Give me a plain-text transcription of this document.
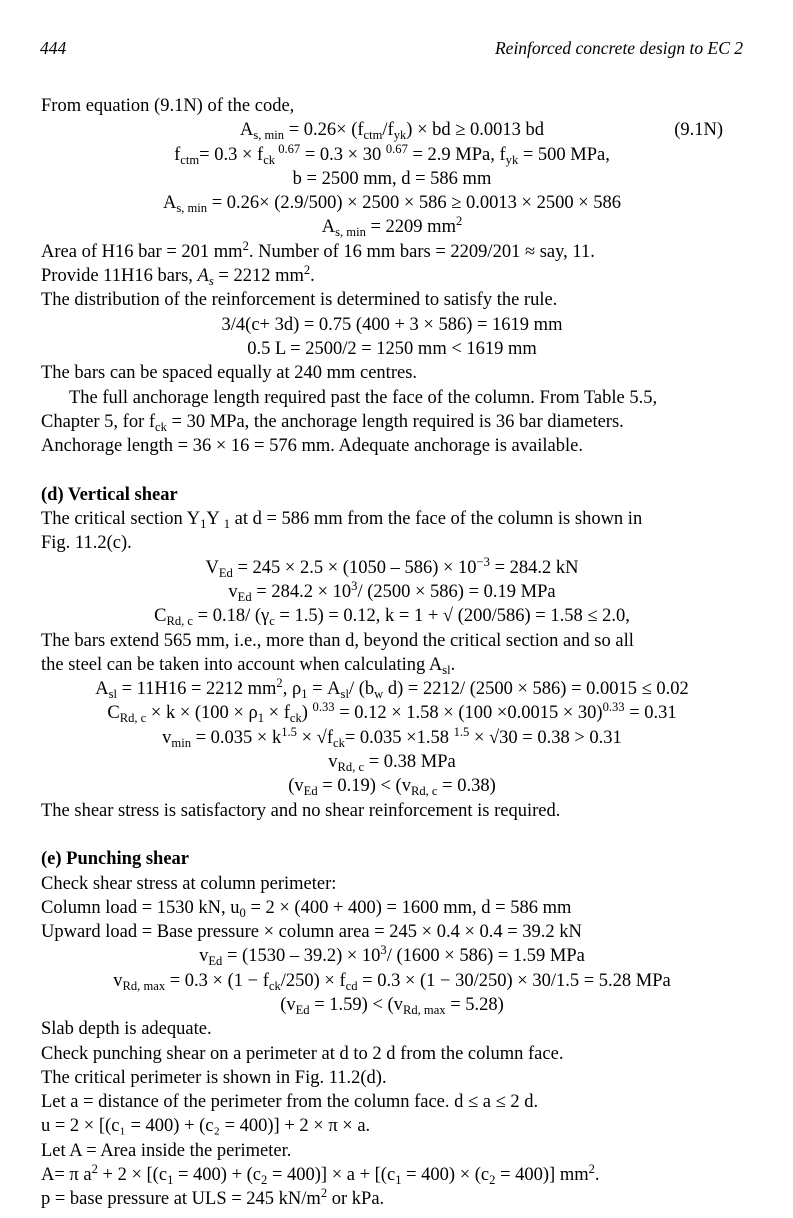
444	Reinforced concrete design to EC 2
From equation (9.1N) of the code,
$A_{s, min} = 0.26\times (f_{ctm}/f_{yk})$ × bd ≥ 0.0013 bd	(9.1N)
$f_{ctm}= 0.3 \times f_{ck}$ $^{0.67}$ = 0.3 × 30 $^{0.67}$ = 2.9 MPa, $f_{yk} = 500$ MPa,
b = 2500 mm, d = 586 mm
$A_{s, min} = 0.26\times (2.9/500) \times 2500 \times 586 \ge 0.0013 \times 2500 \times 586$
$A_{s, min} = 2209$ $mm^2$
Area of H16 bar = 201 $mm^2$. Number of 16 mm bars = 2209/201 ≈ say, 11.
Provide 11H16 bars, $A_s = 2212$ $mm^2$.
The distribution of the reinforcement is determined to satisfy the rule.
3/4(c+ 3d) = 0.75 (400 + 3 × 586) = 1619 mm
0.5 L = 2500/2 = 1250 mm < 1619 mm
The bars can be spaced equally at 240 mm centres.
The full anchorage length required past the face of the column. From Table 5.5,
Chapter 5, for $f_{ck} = 30$ MPa, the anchorage length required is 36 bar diameters.
Anchorage length = 36 × 16 = 576 mm. Adequate anchorage is available.
(d) Vertical shear
The critical section $Y_1Y$ $_1$ at d = 586 mm from the face of the column is shown in
Fig. 11.2(c).
$V_{Ed} = 245 \times 2.5 \times (1050 - 586) \times 10^{-3} = 284.2$ kN
$v_{Ed} = 284.2 \times 10^3/$ (2500 × 586) = 0.19 MPa
$C_{Rd, c} = 0.18/$ $(\gamma_c = 1.5) = 0.12$, k = 1 + √ (200/586) = 1.58 ≤ 2.0,
The bars extend 565 mm, i.e., more than d, beyond the critical section and so all
the steel can be taken into account when calculating $A_{sl}$.
$A_{sl} = 11H16 = 2212$ $mm^2$, $\rho_1 = A_{sl}/$ ($b_w$ d) = 2212/ (2500 × 586) = 0.0015 ≤ 0.02
$C_{Rd, c} \times k \times (100 \times \rho_1 \times f_{ck}) ^{0.33} = 0.12 \times 1.58 \times (100 \times 0.0015 \times 30)^{0.33} = 0.31$
$v_{min} = 0.035 \times k^{1.5} \times √f_{ck}= 0.035 \times 1.58$ $^{1.5}$ × √30 = 0.38 > 0.31
$v_{Rd, c} = 0.38$ MPa
$(v_{Ed} = 0.19) < (v_{Rd, c} = 0.38)$
The shear stress is satisfactory and no shear reinforcement is required.
(e) Punching shear
Check shear stress at column perimeter:
Column load = 1530 kN, $u_0 = 2 \times (400 + 400) = 1600$ mm, d = 586 mm
Upward load = Base pressure × column area = 245 × 0.4 × 0.4 = 39.2 kN
$v_{Ed} = (1530 - 39.2) \times 10^3/$ (1600 × 586) = 1.59 MPa
$v_{Rd, max} = 0.3 \times (1 - f_{ck}/250) \times f_{cd} = 0.3 \times (1 - 30/250) \times 30/1.5 = 5.28$ MPa
$(v_{Ed} = 1.59) < (v_{Rd, max} = 5.28)$
Slab depth is adequate.
Check punching shear on a perimeter at d to 2 d from the column face.
The critical perimeter is shown in Fig. 11.2(d).
Let a = distance of the perimeter from the column face. d ≤ a ≤ 2 d.
u = 2 × [(c₁ = 400) + (c₂ = 400)] + 2 × π × a.
Let A = Area inside the perimeter.
A= π $a^2 + 2 \times [(c_1 = 400) + (c_2 = 400)] \times a + [(c_1 = 400) \times (c_2 = 400)]$ $mm^2$.
p = base pressure at ULS = 245 $kN/m^2$ or kPa.
